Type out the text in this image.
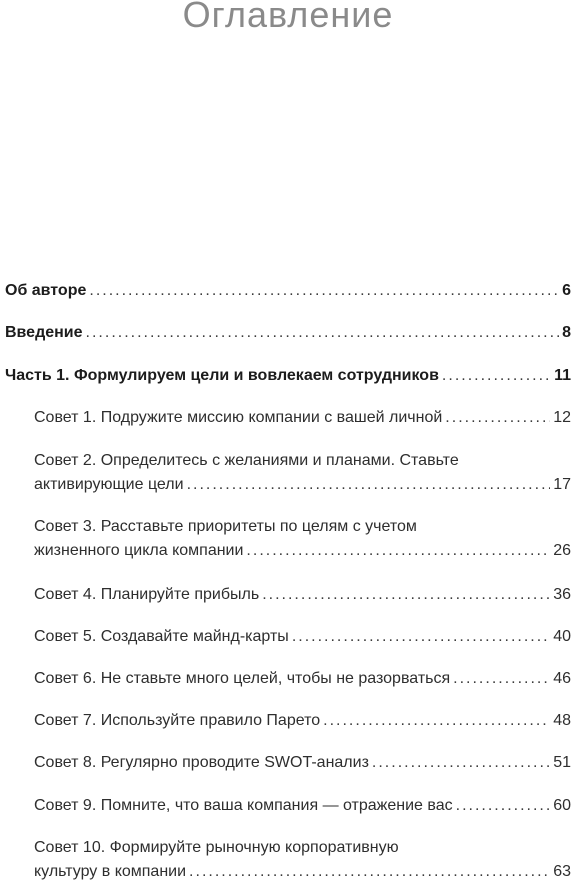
Оглавление
Об авторе .....	6
Введение .....	8
Часть 1. Формулируем цели и вовлекаем сотрудников .....	11
Совет 1. Подружите миссию компании с вашей личной .....	12
Совет 2. Определитесь с желаниями и планами. Ставьте
активирующие цели .....	17
Совет 3. Расставьте приоритеты по целям с учетом
жизненного цикла компании .....	26
Совет 4. Планируйте прибыль .....	36
Совет 5. Создавайте майнд-карты .....	40
Совет 6. Не ставьте много целей, чтобы не разорваться .....	46
Совет 7. Используйте правило Парето .....	48
Совет 8. Регулярно проводите SWOT-анализ .....	51
Совет 9. Помните, что ваша компания — отражение вас .....	60
Совет 10. Формируйте рыночную корпоративную
культуру в компании .....	63
